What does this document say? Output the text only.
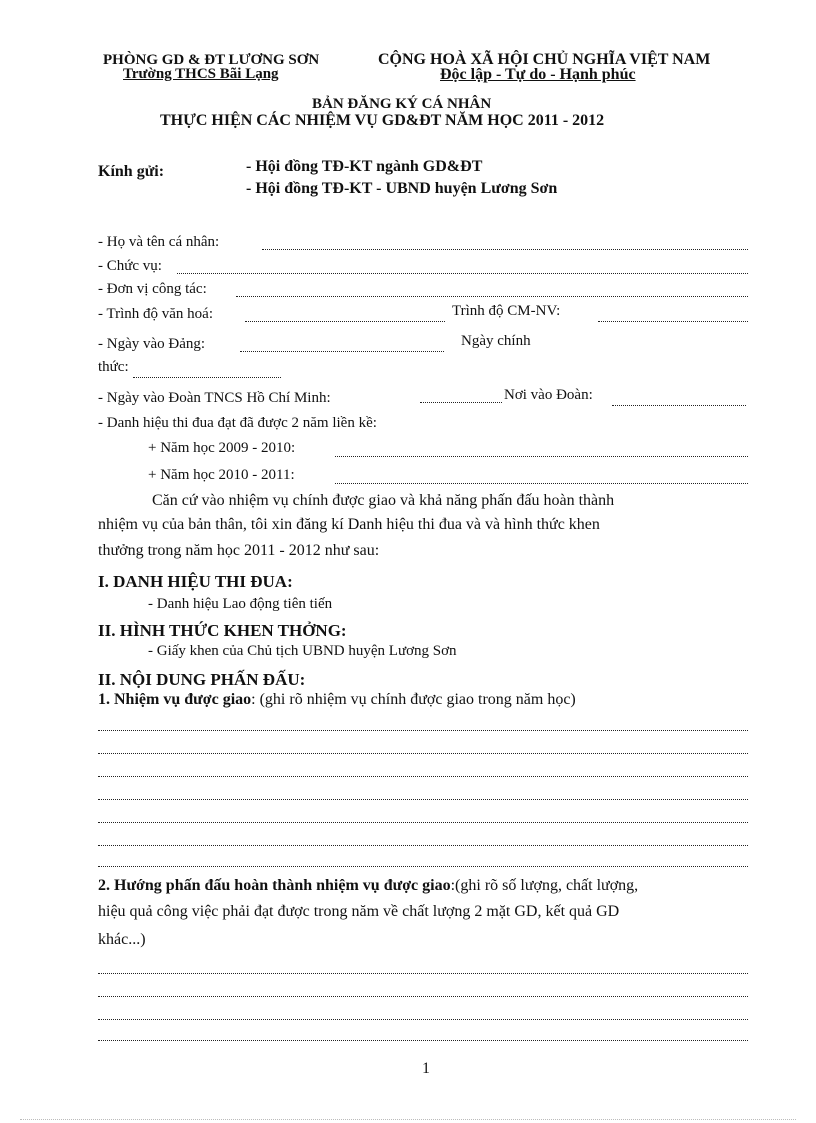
PHÒNG GD & ĐT LƯƠNG SƠN
Trường THCS Bãi Lạng
CỘNG HOÀ XÃ HỘI CHỦ NGHĨA VIỆT NAM
Độc lập - Tự do - Hạnh phúc
BẢN ĐĂNG KÝ CÁ NHÂN
THỰC HIỆN CÁC NHIỆM VỤ GD&ĐT NĂM HỌC 2011 - 2012
Kính gửi:	- Hội đồng TĐ-KT ngành GD&ĐT
- Hội đồng TĐ-KT - UBND huyện Lương Sơn
- Họ và tên cá nhân:
- Chức vụ:
- Đơn vị công tác:
- Trình độ văn hoá:	Trình độ CM-NV:
- Ngày vào Đảng:	Ngày chính
thức:
- Ngày vào Đoàn TNCS Hồ Chí Minh:	Nơi vào Đoàn:
- Danh hiệu thi đua đạt đã được 2 năm liền kề:
+ Năm học 2009 - 2010:
+ Năm học 2010 - 2011:
Căn cứ vào nhiệm vụ chính được giao và khả năng phấn đấu hoàn thành
nhiệm vụ của bản thân, tôi xin đăng kí Danh hiệu thi đua và và hình thức khen
thưởng trong năm học 2011 - 2012 như sau:
I. DANH HIỆU THI ĐUA:
- Danh hiệu Lao động tiên tiến
II. HÌNH THỨC KHEN THỞNG:
- Giấy khen của Chủ tịch UBND huyện Lương Sơn
II. NỘI DUNG PHẤN ĐẤU:
1. Nhiệm vụ được giao: (ghi rõ nhiệm vụ chính được giao trong năm học)
2. Hướng phấn đấu hoàn thành nhiệm vụ được giao:(ghi rõ số lượng, chất lượng,
hiệu quả công việc phải đạt được trong năm về chất lượng 2 mặt GD, kết quả GD
khác...)
1
